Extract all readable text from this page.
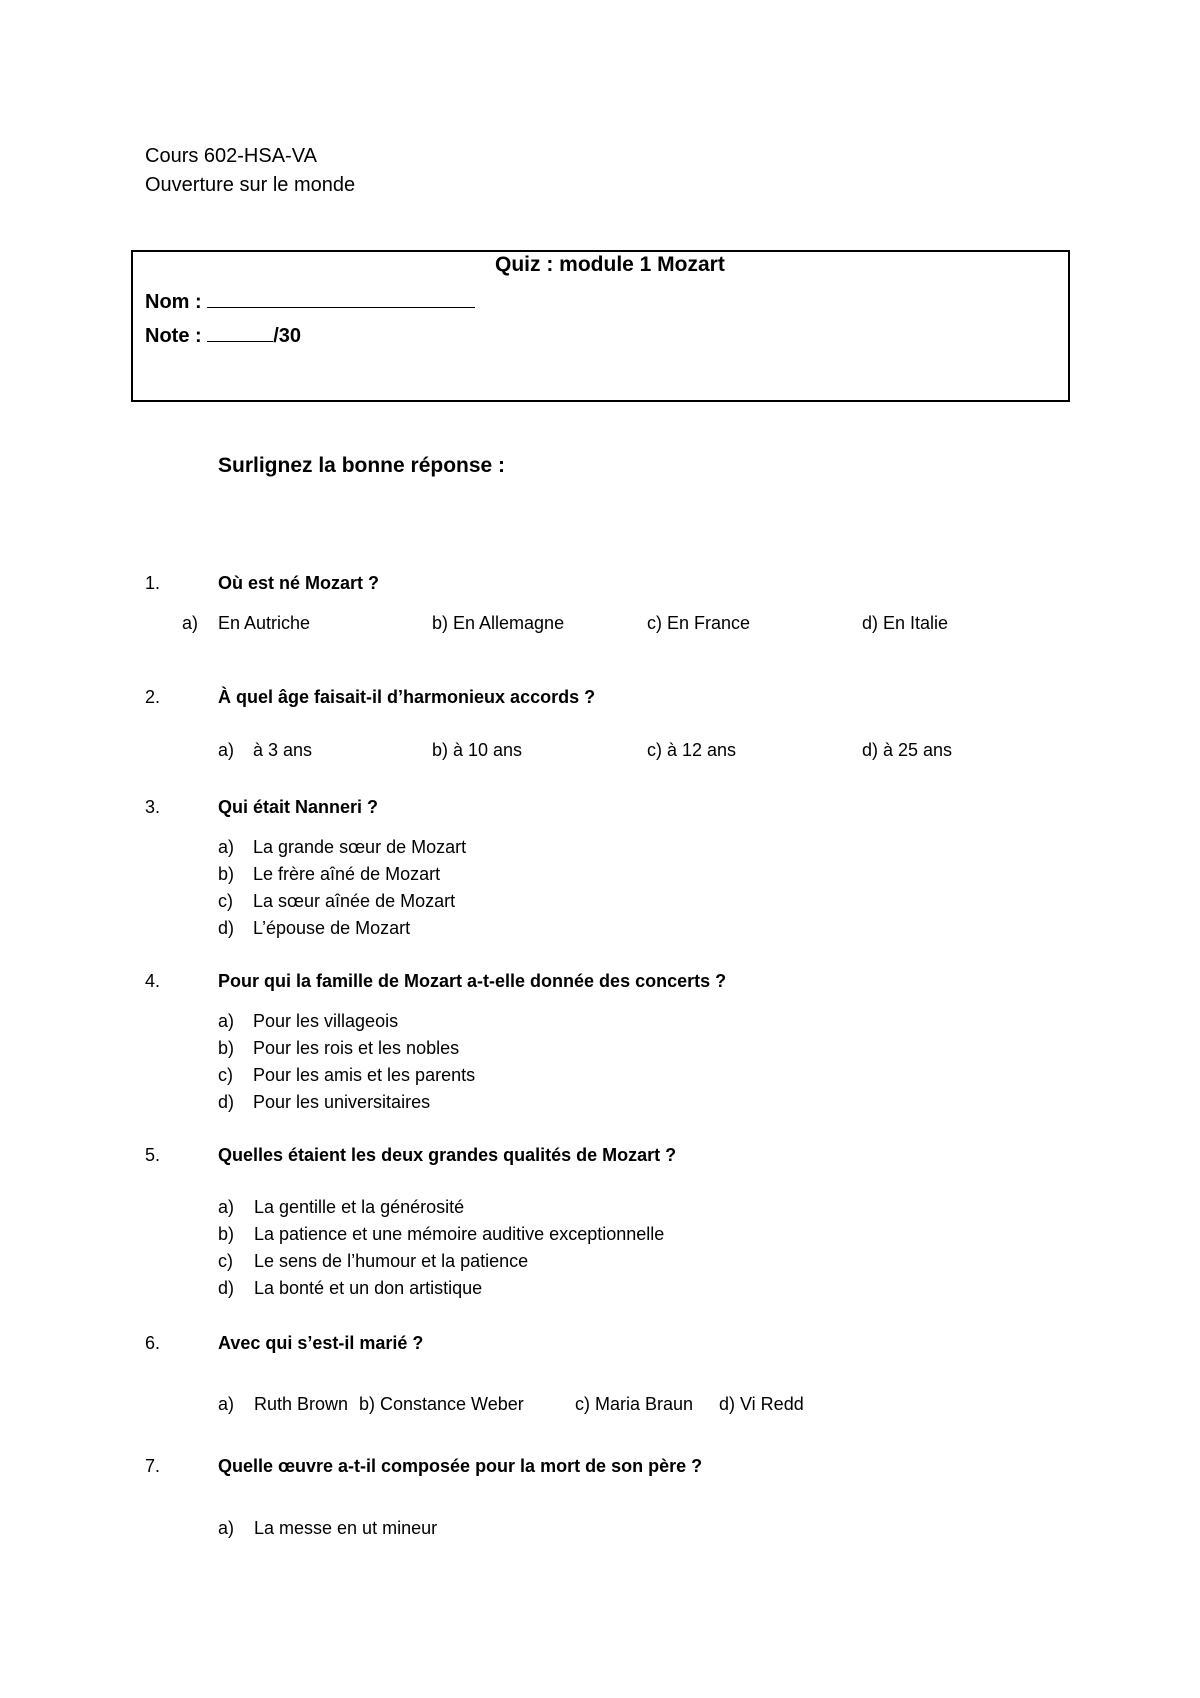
Cours 602-HSA-VA
Ouverture sur le monde
Quiz : module 1 Mozart
Nom :
Note :	/30
Surlignez la bonne réponse :
1.	Où est né Mozart ?
a) En Autriche	b) En Allemagne	c) En France	d) En Italie
2.	À quel âge faisait-il d’harmonieux accords ?
a) à 3 ans	b) à 10 ans	c) à 12 ans	d) à 25 ans
3.	Qui était Nanneri ?
a) La grande sœur de Mozart
b) Le frère aîné de Mozart
c) La sœur aînée de Mozart
d) L’épouse de Mozart
4.	Pour qui la famille de Mozart a-t-elle donnée des concerts ?
a) Pour les villageois
b) Pour les rois et les nobles
c) Pour les amis et les parents
d) Pour les universitaires
5.	Quelles étaient les deux grandes qualités de Mozart ?
a) La gentille et la générosité
b) La patience et une mémoire auditive exceptionnelle
c) Le sens de l’humour et la patience
d) La bonté et un don artistique
6.	Avec qui s’est-il marié ?
a) Ruth Brown b) Constance Weber	c) Maria Braun d) Vi Redd
7.	Quelle œuvre a-t-il composée pour la mort de son père ?
a) La messe en ut mineur
